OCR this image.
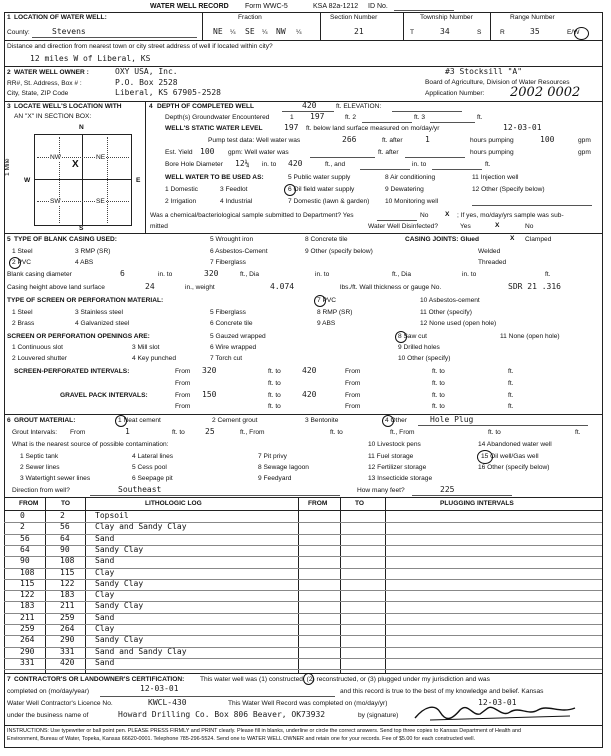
WATER WELL RECORD Form WWC-5	KSA 82a-1212 ID No.
1 LOCATION OF WATER WELL:
County:	Stevens
Fraction
NE ¼ SE ¼ NW ¼
Section Number
21
Township Number
T	34	S
Range Number
R	35	E/W
Distance and direction from nearest town or city street address of well if located within city?
12 miles W of Liberal, KS
2 WATER WELL OWNER :	OXY USA, Inc.
RR#, St. Address, Box # :	P.O. Box 2528
City, State, ZIP Code	Liberal, KS 67905-2528
#3 Stocksill "A"
Board of Agriculture, Division of Water Resources
Application Number: 2002 0002
3 LOCATE WELL'S LOCATION WITH
AN "X" IN SECTION BOX:
N
S
W	E
1 Mile
NW	NE
SW	SE
X
4 DEPTH OF COMPLETED WELL	420	ft. ELEVATION:
Depth(s) Groundwater Encountered	1 197	ft. 2	ft. 3	ft.
WELL'S STATIC WATER LEVEL	197 ft. below land surface measured on mo/day/yr	12-03-01
Pump test data: Well water was	266	ft. after	1	hours pumping	100	gpm
Est. Yield 100 gpm: Well water was	ft. after	hours pumping	gpm
Bore Hole Diameter 12¼ in. to 420	ft., and	in. to	ft.
WELL WATER TO BE USED AS:	5 Public water supply	8 Air conditioning	11 Injection well
1 Domestic	3 Feedlot	6 Oil field water supply	9 Dewatering	12 Other (Specify below)
2 Irrigation	4 Industrial	7 Domestic (lawn & garden) 10 Monitoring well
Was a chemical/bacteriological sample submitted to Department? Yes	No	X ; If yes, mo/day/yrs sample was sub-
mitted	Water Well Disinfected?	Yes	X	No
5 TYPE OF BLANK CASING USED:	5 Wrought iron	8 Concrete tile	CASING JOINTS: Glued	X Clamped
1 Steel	3 RMP (SR)	6 Asbestos-Cement	9 Other (specify below)	Welded
2 PVC	4 ABS	7 Fiberglass	Threaded
Blank casing diameter	6	in. to	320	ft., Dia	in. to	ft., Dia	in. to	ft.
Casing height above land surface	24	in., weight	4.074	lbs./ft. Wall thickness or gauge No.	SDR 21 .316
TYPE OF SCREEN OR PERFORATION MATERIAL:	7 PVC	10 Asbestos-cement
1 Steel	3 Stainless steel	5 Fiberglass	8 RMP (SR)	11 Other (specify)
2 Brass	4 Galvanized steel	6 Concrete tile	9 ABS	12 None used (open hole)
SCREEN OR PERFORATION OPENINGS ARE:	5 Gauzed wrapped	8 Saw cut	11 None (open hole)
1 Continuous slot	3 Mill slot	6 Wire wrapped	9 Drilled holes
2 Louvered shutter	4 Key punched	7 Torch cut	10 Other (specify)
SCREEN-PERFORATED INTERVALS:	From 320	ft. to	420	From	ft. to	ft.
From	ft. to	From	ft. to	ft.
GRAVEL PACK INTERVALS:	From 150	ft. to	420	From	ft. to	ft.
From	ft. to	From	ft. to	ft.
6 GROUT MATERIAL:	1 Neat cement	2 Cement grout	3 Bentonite	4 Other	Hole Plug
Grout Intervals: From	1	ft. to	25	ft., From	ft. to	ft., From	ft. to	ft.
What is the nearest source of possible contamination:	10 Livestock pens	14 Abandoned water well
1 Septic tank	4 Lateral lines	7 Pit privy	11 Fuel storage	15 Oil well/Gas well
2 Sewer lines	5 Cess pool	8 Sewage lagoon	12 Fertilizer storage	16 Other (specify below)
3 Watertight sewer lines	6 Seepage pit	9 Feedyard	13 Insecticide storage
Direction from well?	Southeast	How many feet?	225
FROM	TO	LITHOLOGIC LOG	FROM	TO	PLUGGING INTERVALS
0	2	Topsoil
2	56	Clay and Sandy Clay
56	64	Sand
64	90	Sandy Clay
90	108	Sand
108	115	Clay
115	122	Sandy Clay
122	183	Clay
183	211	Sandy Clay
211	259	Sand
259	264	Clay
264	290	Sandy Clay
290	331	Sand and Sandy Clay
331	420	Sand
7 CONTRACTOR'S OR LANDOWNER'S CERTIFICATION: This water well was (1) constructed, (2) reconstructed, or (3) plugged under my jurisdiction and was
completed on (mo/day/year)	12-03-01	and this record is true to the best of my knowledge and belief. Kansas
Water Well Contractor's Licence No.	KWCL-430	This Water Well Record was completed on (mo/day/yr)	12-03-01
under the business name of	Howard Drilling Co. Box 806 Beaver, OK73932	by (signature)
INSTRUCTIONS: Use typewriter or ball point pen. PLEASE PRESS FIRMLY and PRINT clearly. Please fill in blanks, underline or circle the correct answers. Send top three copies to Kansas Department of Health and
Environment, Bureau of Water, Topeka, Kansas 66620-0001. Telephone 785-296-5524. Send one to WATER WELL OWNER and retain one for your records. Fee of $5.00 for each constructed well.
